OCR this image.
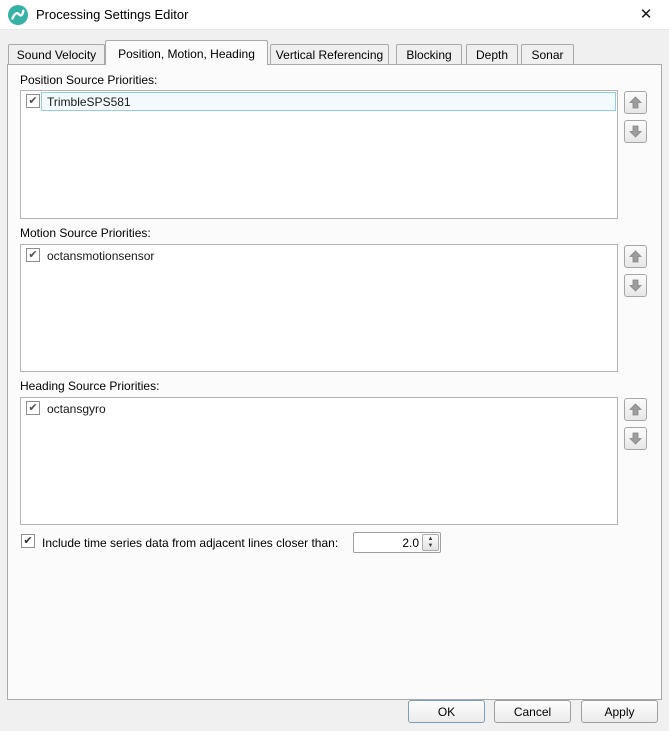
Processing Settings Editor	✕
Sound Velocity	Position, Motion, Heading	Vertical Referencing	Blocking	Depth	Sonar
Position Source Priorities:
✔ TrimbleSPS581
Motion Source Priorities:
✔ octansmotionsensor
Heading Source Priorities:
✔ octansgyro
✔ Include time series data from adjacent lines closer than:
2.0	▲
▼
OK	Cancel	Apply
